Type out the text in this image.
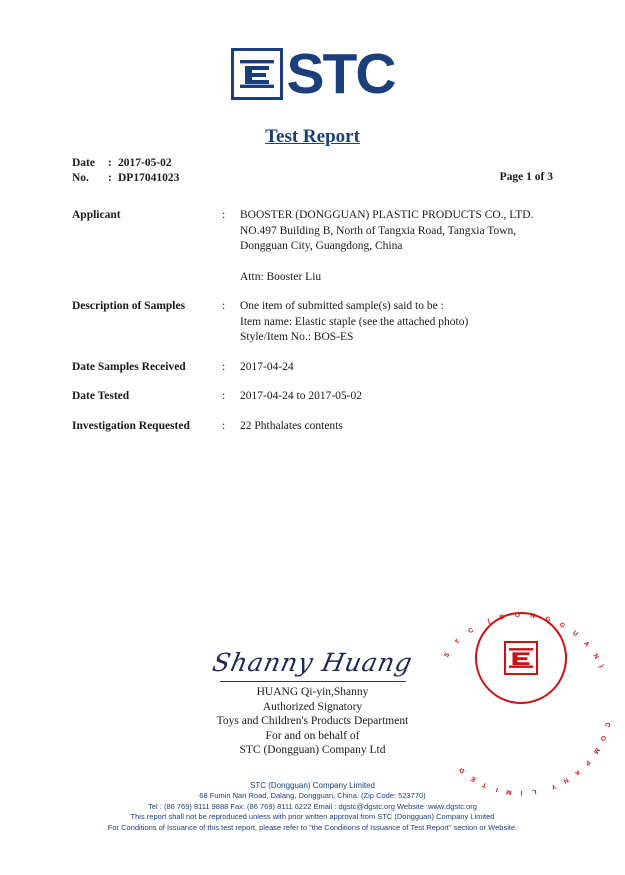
STC
Test Report
Date	: 2017-05-02
No.	: DP17041023	Page 1 of 3
Applicant	:	BOOSTER (DONGGUAN) PLASTIC PRODUCTS CO., LTD.
NO.497 Building B, North of Tangxia Road, Tangxia Town,
Dongguan City, Guangdong, China
Attn: Booster Liu
Description of Samples	:	One item of submitted sample(s) said to be :
Item name: Elastic staple (see the attached photo)
Style/Item No.: BOS-ES
Date Samples Received	:	2017-04-24
Date Tested	:	2017-04-24 to 2017-05-02
Investigation Requested	:	22 Phthalates contents
S
T
C
(
D O N G
G
U
A
N
)
C
O
M
P
A
N
Y
L
I
M
I
T
E
D
Shanny Huang
HUANG Qi-yin,Shanny
Authorized Signatory
Toys and Children's Products Department
For and on behalf of
STC (Dongguan) Company Ltd
STC (Dongguan) Company Limited
68 Fumin Nan Road, Dalang, Dongguan, China. (Zip Code: 523770)
Tel : (86 769) 8111 9888 Fax: (86 769) 8111 6222 Email : dgstc@dgstc.org Website :www.dgstc.org
This report shall not be reproduced unless with prior written approval from STC (Dongguan) Company Limited
For Conditions of Issuance of this test report, please refer to "the Conditions of Issuance of Test Report" section or Website.
